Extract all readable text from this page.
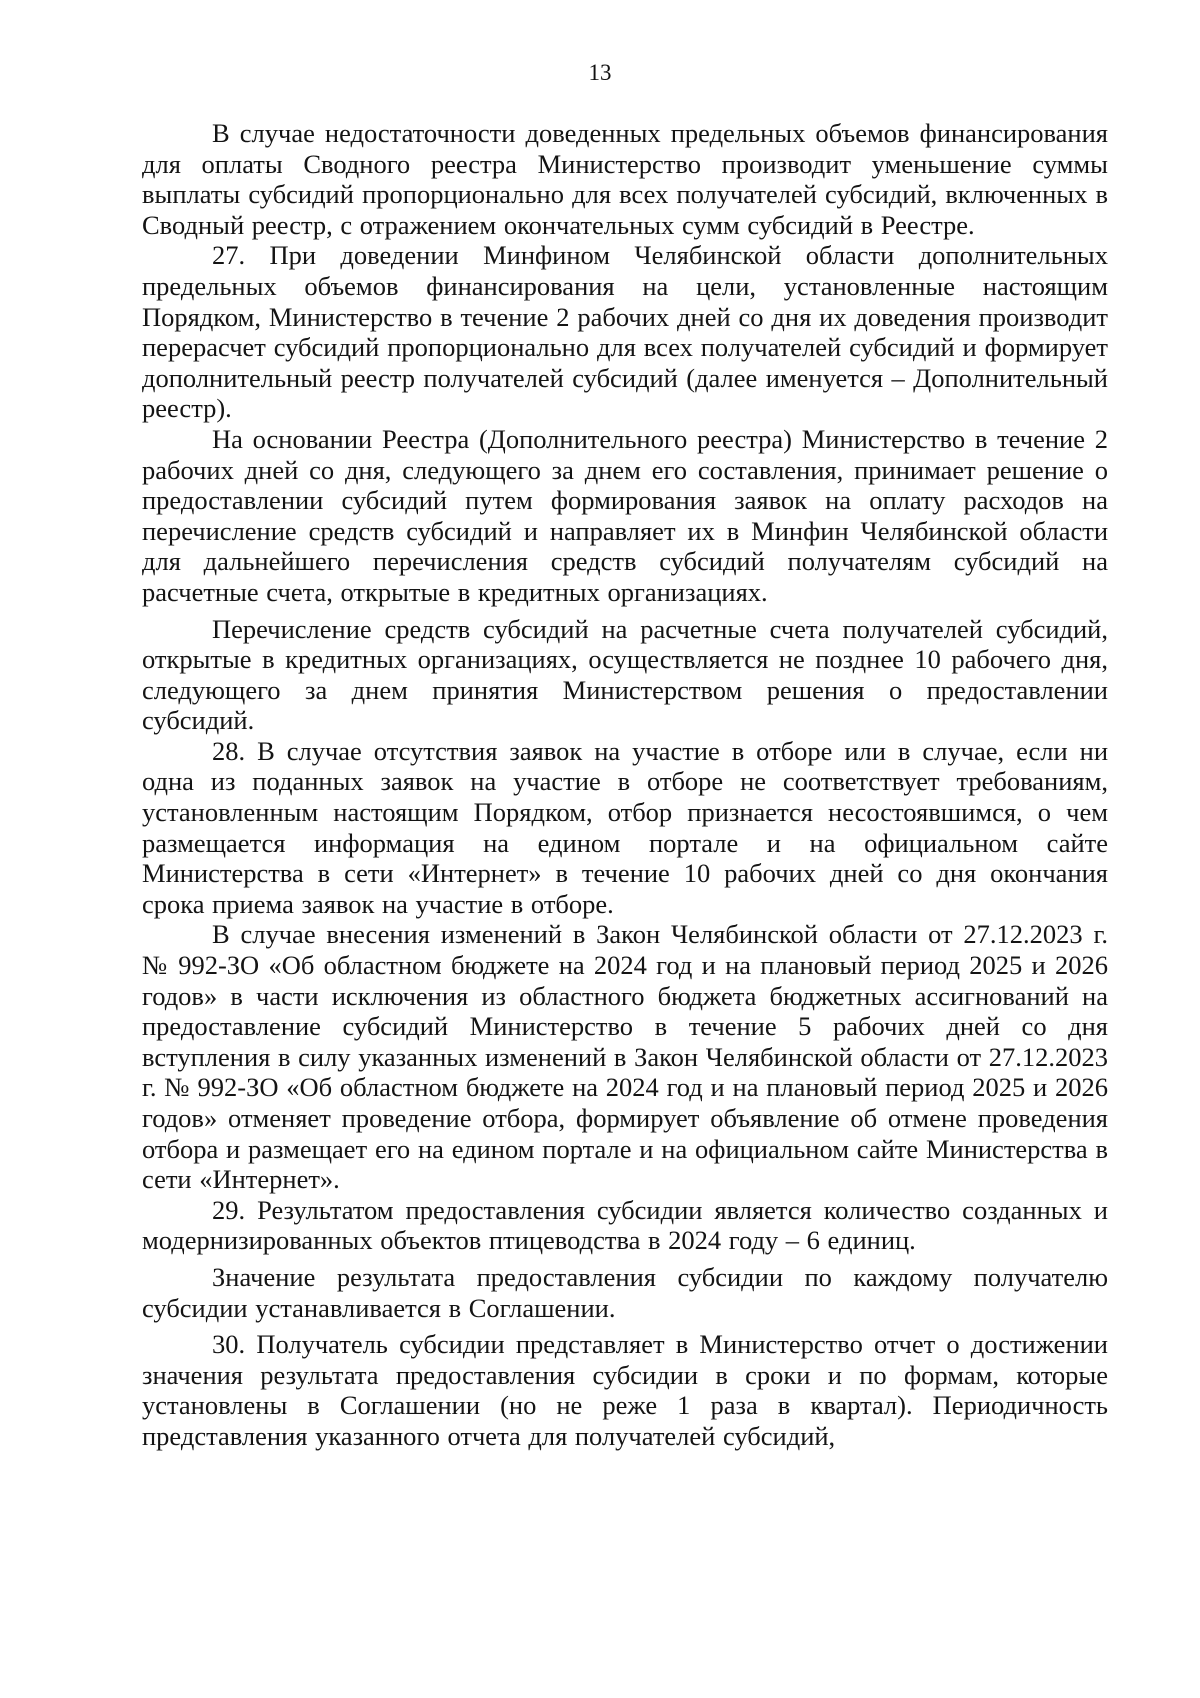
13

В случае недостаточности доведенных предельных объемов финансирования для оплаты Сводного реестра Министерство производит уменьшение суммы выплаты субсидий пропорционально для всех получателей субсидий, включенных в Сводный реестр, с отражением окончательных сумм субсидий в Реестре.

27. При доведении Минфином Челябинской области дополнительных предельных объемов финансирования на цели, установленные настоящим Порядком, Министерство в течение 2 рабочих дней со дня их доведения производит перерасчет субсидий пропорционально для всех получателей субсидий и формирует дополнительный реестр получателей субсидий (далее именуется – Дополнительный реестр).

На основании Реестра (Дополнительного реестра) Министерство в течение 2 рабочих дней со дня, следующего за днем его составления, принимает решение о предоставлении субсидий путем формирования заявок на оплату расходов на перечисление средств субсидий и направляет их в Минфин Челябинской области для дальнейшего перечисления средств субсидий получателям субсидий на расчетные счета, открытые в кредитных организациях.

Перечисление средств субсидий на расчетные счета получателей субсидий, открытые в кредитных организациях, осуществляется не позднее 10 рабочего дня, следующего за днем принятия Министерством решения о предоставлении субсидий.

28. В случае отсутствия заявок на участие в отборе или в случае, если ни одна из поданных заявок на участие в отборе не соответствует требованиям, установленным настоящим Порядком, отбор признается несостоявшимся, о чем размещается информация на едином портале и на официальном сайте Министерства в сети «Интернет» в течение 10 рабочих дней со дня окончания срока приема заявок на участие в отборе.

В случае внесения изменений в Закон Челябинской области от 27.12.2023 г. № 992-ЗО «Об областном бюджете на 2024 год и на плановый период 2025 и 2026 годов» в части исключения из областного бюджета бюджетных ассигнований на предоставление субсидий Министерство в течение 5 рабочих дней со дня вступления в силу указанных изменений в Закон Челябинской области от 27.12.2023 г. № 992-ЗО «Об областном бюджете на 2024 год и на плановый период 2025 и 2026 годов» отменяет проведение отбора, формирует объявление об отмене проведения отбора и размещает его на едином портале и на официальном сайте Министерства в сети «Интернет».

29. Результатом предоставления субсидии является количество созданных и модернизированных объектов птицеводства в 2024 году – 6 единиц.

Значение результата предоставления субсидии по каждому получателю субсидии устанавливается в Соглашении.

30. Получатель субсидии представляет в Министерство отчет о достижении значения результата предоставления субсидии в сроки и по формам, которые установлены в Соглашении (но не реже 1 раза в квартал). Периодичность представления указанного отчета для получателей субсидий,
